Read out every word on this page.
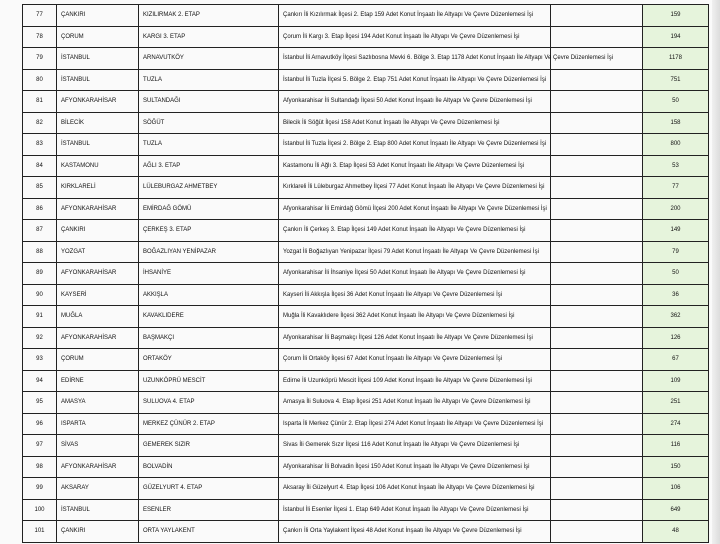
77	ÇANKIRI	KIZILIRMAK 2. ETAP	Çankırı İli Kızılırmak İlçesi 2. Etap 159 Adet Konut İnşaatı İle Altyapı Ve Çevre Düzenlemesi İşi		159
78	ÇORUM	KARGI 3. ETAP	Çorum İli Kargı 3. Etap İlçesi 194 Adet Konut İnşaatı İle Altyapı Ve Çevre Düzenlemesi İşi		194
79	İSTANBUL	ARNAVUTKÖY	İstanbul İli Arnavutköy İlçesi Sazlıbosna Mevki 6. Bölge 3. Etap 1178 Adet Konut İnşaatı İle Altyapı Ve Çevre Düzenlemesi İşi		1178
80	İSTANBUL	TUZLA	İstanbul İli Tuzla İlçesi 5. Bölge 2. Etap 751 Adet Konut İnşaatı İle Altyapı Ve Çevre Düzenlemesi İşi		751
81	AFYONKARAHİSAR	SULTANDAĞI	Afyonkarahisar İli Sultandağı İlçesi 50 Adet Konut İnşaatı İle Altyapı Ve Çevre Düzenlemesi İşi		50
82	BİLECİK	SÖĞÜT	Bilecik İli Söğüt İlçesi 158 Adet Konut İnşaatı İle Altyapı Ve Çevre Düzenlemesi İşi		158
83	İSTANBUL	TUZLA	İstanbul İli Tuzla İlçesi 2. Bölge 2. Etap 800 Adet Konut İnşaatı İle Altyapı Ve Çevre Düzenlemesi İşi		800
84	KASTAMONU	AĞLI 3. ETAP	Kastamonu İli Ağlı 3. Etap İlçesi 53 Adet Konut İnşaatı İle Altyapı Ve Çevre Düzenlemesi İşi		53
85	KIRKLARELİ	LÜLEBURGAZ AHMETBEY	Kırklareli İli Lüleburgaz Ahmetbey İlçesi 77 Adet Konut İnşaatı İle Altyapı Ve Çevre Düzenlemesi İşi		77
86	AFYONKARAHİSAR	EMİRDAĞ GÖMÜ	Afyonkarahisar İli Emirdağ Gömü İlçesi 200 Adet Konut İnşaatı İle Altyapı Ve Çevre Düzenlemesi İşi		200
87	ÇANKIRI	ÇERKEŞ 3. ETAP	Çankırı İli Çerkeş 3. Etap İlçesi 149 Adet Konut İnşaatı İle Altyapı Ve Çevre Düzenlemesi İşi		149
88	YOZGAT	BOĞAZLIYAN YENİPAZAR	Yozgat İli Boğazlıyan Yenipazar İlçesi 79 Adet Konut İnşaatı İle Altyapı Ve Çevre Düzenlemesi İşi		79
89	AFYONKARAHİSAR	İHSANİYE	Afyonkarahisar İli İhsaniye İlçesi 50 Adet Konut İnşaatı İle Altyapı Ve Çevre Düzenlemesi İşi		50
90	KAYSERİ	AKKIŞLA	Kayseri İli Akkışla İlçesi 36 Adet Konut İnşaatı İle Altyapı Ve Çevre Düzenlemesi İşi		36
91	MUĞLA	KAVAKLIDERE	Muğla İli Kavaklıdere İlçesi 362 Adet Konut İnşaatı İle Altyapı Ve Çevre Düzenlemesi İşi		362
92	AFYONKARAHİSAR	BAŞMAKÇI	Afyonkarahisar İli Başmakçı İlçesi 126 Adet Konut İnşaatı İle Altyapı Ve Çevre Düzenlemesi İşi		126
93	ÇORUM	ORTAKÖY	Çorum İli Ortaköy İlçesi 67 Adet Konut İnşaatı İle Altyapı Ve Çevre Düzenlemesi İşi		67
94	EDİRNE	UZUNKÖPRÜ MESCİT	Edirne İli Uzunköprü Mescit İlçesi 109 Adet Konut İnşaatı İle Altyapı Ve Çevre Düzenlemesi İşi		109
95	AMASYA	SULUOVA 4. ETAP	Amasya İli Suluova 4. Etap İlçesi 251 Adet Konut İnşaatı İle Altyapı Ve Çevre Düzenlemesi İşi		251
96	ISPARTA	MERKEZ ÇÜNÜR 2. ETAP	Isparta İli Merkez Çünür 2. Etap İlçesi 274 Adet Konut İnşaatı İle Altyapı Ve Çevre Düzenlemesi İşi		274
97	SİVAS	GEMEREK SIZIR	Sivas İli Gemerek Sızır İlçesi 116 Adet Konut İnşaatı İle Altyapı Ve Çevre Düzenlemesi İşi		116
98	AFYONKARAHİSAR	BOLVADİN	Afyonkarahisar İli Bolvadin İlçesi 150 Adet Konut İnşaatı İle Altyapı Ve Çevre Düzenlemesi İşi		150
99	AKSARAY	GÜZELYURT 4. ETAP	Aksaray İli Güzelyurt 4. Etap İlçesi 106 Adet Konut İnşaatı İle Altyapı Ve Çevre Düzenlemesi İşi		106
100	İSTANBUL	ESENLER	İstanbul İli Esenler İlçesi 1. Etap 649 Adet Konut İnşaatı İle Altyapı Ve Çevre Düzenlemesi İşi		649
101	ÇANKIRI	ORTA YAYLAKENT	Çankırı İli Orta Yaylakent İlçesi 48 Adet Konut İnşaatı İle Altyapı Ve Çevre Düzenlemesi İşi		48
